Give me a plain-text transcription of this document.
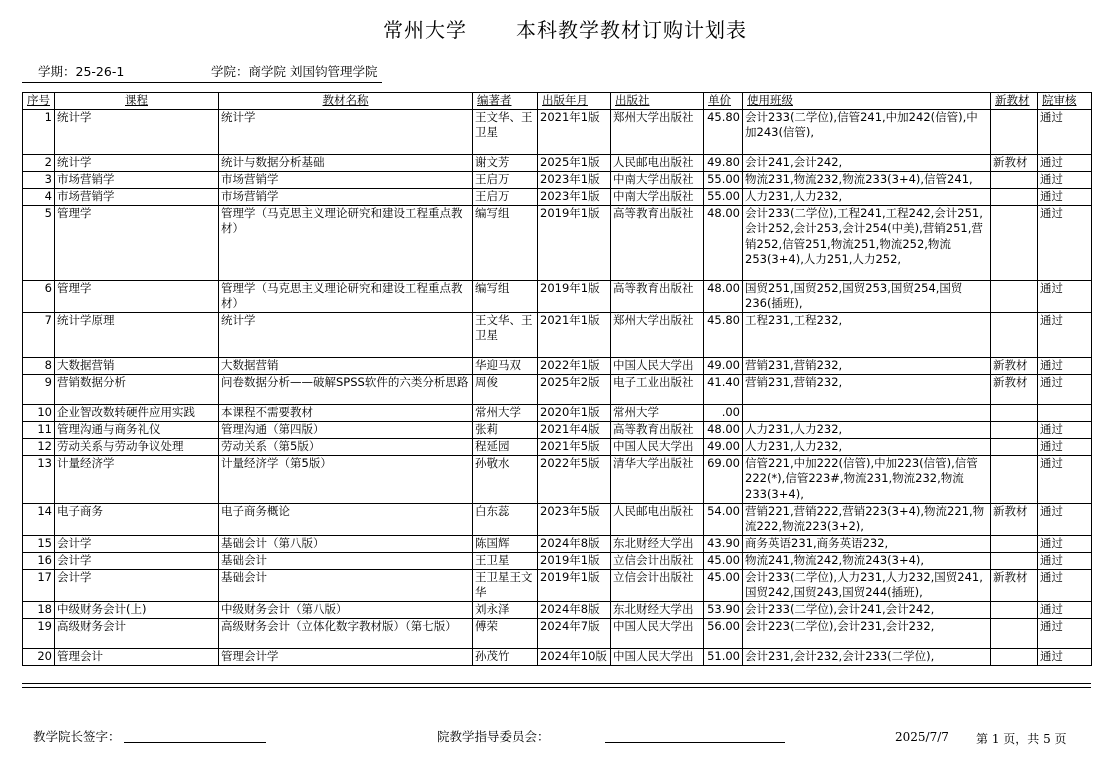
常州大学 本科教学教材订购计划表
学期：25-26-1	学院：商学院 刘国钧管理学院
序号	课程	教材名称	编著者	出版年月	出版社	单价	使用班级	新教材	院审核
1	统计学	统计学	王文华、王卫星	2021年1版	郑州大学出版社	45.80	会计233(二学位),信管241,中加242(信管),中加243(信管),		通过
2	统计学	统计与数据分析基础	谢文芳	2025年1版	人民邮电出版社	49.80	会计241,会计242,	新教材	通过
3	市场营销学	市场营销学	王启万	2023年1版	中南大学出版社	55.00	物流231,物流232,物流233(3+4),信管241,		通过
4	市场营销学	市场营销学	王启万	2023年1版	中南大学出版社	55.00	人力231,人力232,		通过
5	管理学	管理学（马克思主义理论研究和建设工程重点教材）	编写组	2019年1版	高等教育出版社	48.00	会计233(二学位),工程241,工程242,会计251,会计252,会计253,会计254(中美),营销251,营销252,信管251,物流251,物流252,物流253(3+4),人力251,人力252,		通过
6	管理学	管理学（马克思主义理论研究和建设工程重点教材）	编写组	2019年1版	高等教育出版社	48.00	国贸251,国贸252,国贸253,国贸254,国贸236(插班),		通过
7	统计学原理	统计学	王文华、王卫星	2021年1版	郑州大学出版社	45.80	工程231,工程232,		通过
8	大数据营销	大数据营销	华迎马双	2022年1版	中国人民大学出	49.00	营销231,营销232,	新教材	通过
9	营销数据分析	问卷数据分析——破解SPSS软件的六类分析思路	周俊	2025年2版	电子工业出版社	41.40	营销231,营销232,	新教材	通过
10	企业智改数转硬件应用实践	本课程不需要教材	常州大学	2020年1版	常州大学	.00			
11	管理沟通与商务礼仪	管理沟通（第四版）	张莉	2021年4版	高等教育出版社	48.00	人力231,人力232,		通过
12	劳动关系与劳动争议处理	劳动关系（第5版）	程延园	2021年5版	中国人民大学出	49.00	人力231,人力232,		通过
13	计量经济学	计量经济学（第5版）	孙敬水	2022年5版	清华大学出版社	69.00	信管221,中加222(信管),中加223(信管),信管222(*),信管223#,物流231,物流232,物流233(3+4),		通过
14	电子商务	电子商务概论	白东蕊	2023年5版	人民邮电出版社	54.00	营销221,营销222,营销223(3+4),物流221,物流222,物流223(3+2),	新教材	通过
15	会计学	基础会计（第八版）	陈国辉	2024年8版	东北财经大学出	43.90	商务英语231,商务英语232,		通过
16	会计学	基础会计	王卫星	2019年1版	立信会计出版社	45.00	物流241,物流242,物流243(3+4),		通过
17	会计学	基础会计	王卫星王文华	2019年1版	立信会计出版社	45.00	会计233(二学位),人力231,人力232,国贸241,国贸242,国贸243,国贸244(插班),	新教材	通过
18	中级财务会计(上)	中级财务会计（第八版）	刘永泽	2024年8版	东北财经大学出	53.90	会计233(二学位),会计241,会计242,		通过
19	高级财务会计	高级财务会计（立体化数字教材版）（第七版）	傅荣	2024年7版	中国人民大学出	56.00	会计223(二学位),会计231,会计232,		通过
20	管理会计	管理会计学	孙茂竹	2024年10版	中国人民大学出	51.00	会计231,会计232,会计233(二学位),		通过
教学院长签字：	院教学指导委员会：	2025/7/7 第 1 页，共 5 页
